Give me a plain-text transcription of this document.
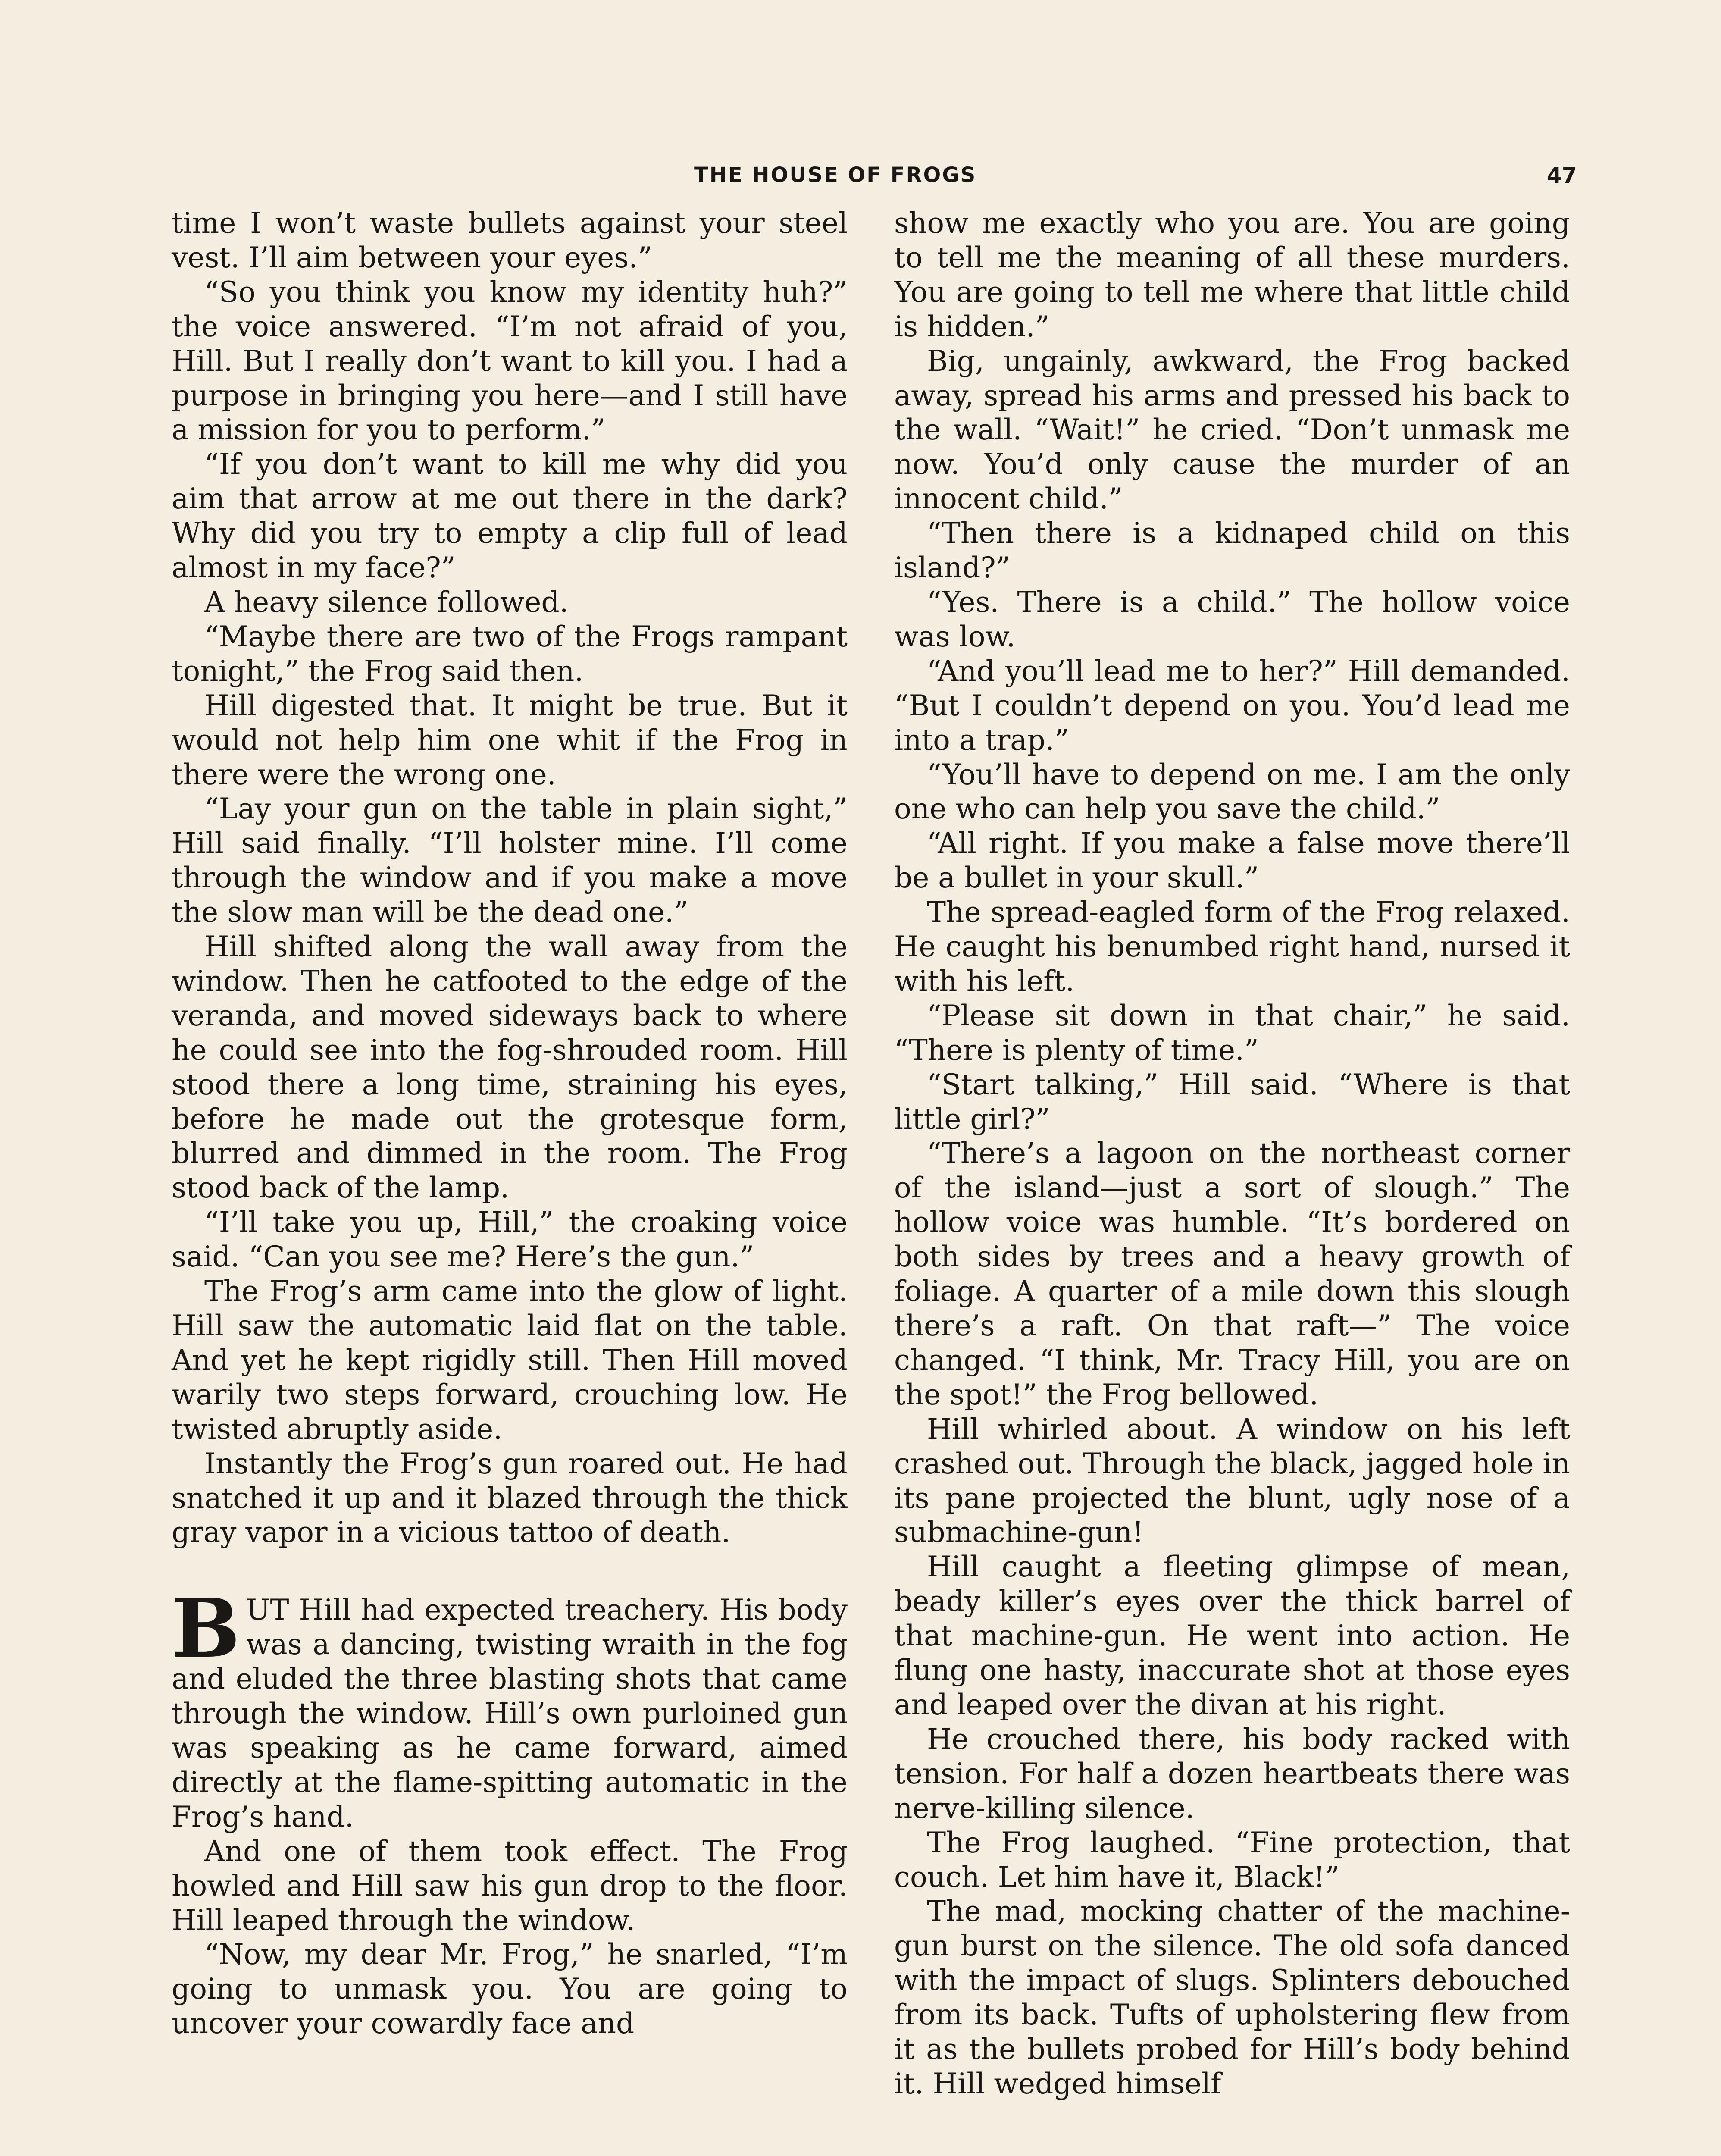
THE HOUSE OF FROGS	47

time I won’t waste bullets against your steel vest. I’ll aim between your eyes.”

“So you think you know my identity huh?” the voice answered. “I’m not afraid of you, Hill. But I really don’t want to kill you. I had a purpose in bringing you here—and I still have a mission for you to perform.”

“If you don’t want to kill me why did you aim that arrow at me out there in the dark? Why did you try to empty a clip full of lead almost in my face?”

A heavy silence followed.

“Maybe there are two of the Frogs rampant tonight,” the Frog said then.

Hill digested that. It might be true. But it would not help him one whit if the Frog in there were the wrong one.

“Lay your gun on the table in plain sight,” Hill said finally. “I’ll holster mine. I’ll come through the window and if you make a move the slow man will be the dead one.”

Hill shifted along the wall away from the window. Then he catfooted to the edge of the veranda, and moved sideways back to where he could see into the fog-shrouded room. Hill stood there a long time, straining his eyes, before he made out the grotesque form, blurred and dimmed in the room. The Frog stood back of the lamp.

“I’ll take you up, Hill,” the croaking voice said. “Can you see me? Here’s the gun.”

The Frog’s arm came into the glow of light. Hill saw the automatic laid flat on the table. And yet he kept rigidly still. Then Hill moved warily two steps forward, crouching low. He twisted abruptly aside.

Instantly the Frog’s gun roared out. He had snatched it up and it blazed through the thick gray vapor in a vicious tattoo of death.

BUT Hill had expected treachery. His body was a dancing, twisting wraith in the fog and eluded the three blasting shots that came through the window. Hill’s own purloined gun was speaking as he came forward, aimed directly at the flame-spitting automatic in the Frog’s hand.

And one of them took effect. The Frog howled and Hill saw his gun drop to the floor. Hill leaped through the window.

“Now, my dear Mr. Frog,” he snarled, “I’m going to unmask you. You are going to uncover your cowardly face and

show me exactly who you are. You are going to tell me the meaning of all these murders. You are going to tell me where that little child is hidden.”

Big, ungainly, awkward, the Frog backed away, spread his arms and pressed his back to the wall. “Wait!” he cried. “Don’t unmask me now. You’d only cause the murder of an innocent child.”

“Then there is a kidnaped child on this island?”

“Yes. There is a child.” The hollow voice was low.

“And you’ll lead me to her?” Hill demanded. “But I couldn’t depend on you. You’d lead me into a trap.”

“You’ll have to depend on me. I am the only one who can help you save the child.”

“All right. If you make a false move there’ll be a bullet in your skull.”

The spread-eagled form of the Frog relaxed. He caught his benumbed right hand, nursed it with his left.

“Please sit down in that chair,” he said. “There is plenty of time.”

“Start talking,” Hill said. “Where is that little girl?”

“There’s a lagoon on the northeast corner of the island—just a sort of slough.” The hollow voice was humble. “It’s bordered on both sides by trees and a heavy growth of foliage. A quarter of a mile down this slough there’s a raft. On that raft—” The voice changed. “I think, Mr. Tracy Hill, you are on the spot!” the Frog bellowed.

Hill whirled about. A window on his left crashed out. Through the black, jagged hole in its pane projected the blunt, ugly nose of a submachine-gun!

Hill caught a fleeting glimpse of mean, beady killer’s eyes over the thick barrel of that machine-gun. He went into action. He flung one hasty, inaccurate shot at those eyes and leaped over the divan at his right.

He crouched there, his body racked with tension. For half a dozen heartbeats there was nerve-killing silence.

The Frog laughed. “Fine protection, that couch. Let him have it, Black!”

The mad, mocking chatter of the machine-gun burst on the silence. The old sofa danced with the impact of slugs. Splinters debouched from its back. Tufts of upholstering flew from it as the bullets probed for Hill’s body behind it. Hill wedged himself
